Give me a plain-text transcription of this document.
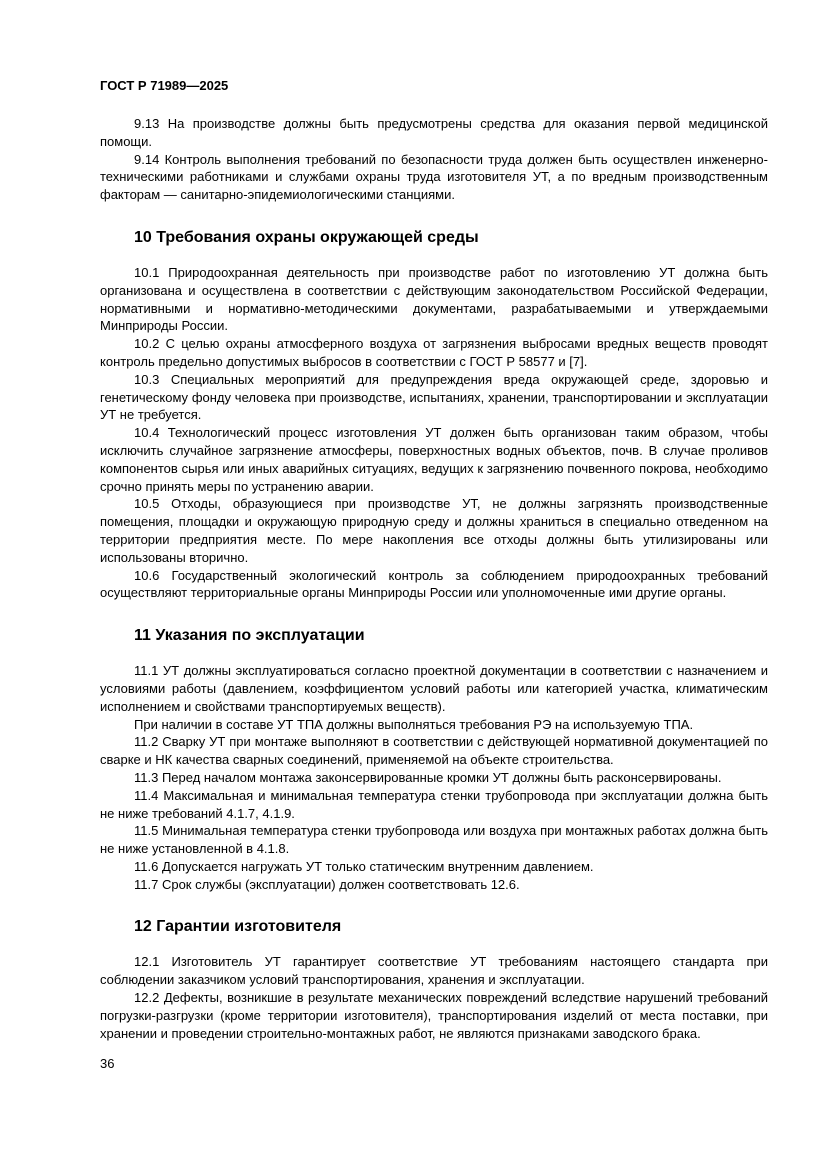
ГОСТ Р 71989—2025

9.13 На производстве должны быть предусмотрены средства для оказания первой медицинской помощи.

9.14 Контроль выполнения требований по безопасности труда должен быть осуществлен инженерно-техническими работниками и службами охраны труда изготовителя УТ, а по вредным производственным факторам — санитарно-эпидемиологическими станциями.

10 Требования охраны окружающей среды

10.1 Природоохранная деятельность при производстве работ по изготовлению УТ должна быть организована и осуществлена в соответствии с действующим законодательством Российской Федерации, нормативными и нормативно-методическими документами, разрабатываемыми и утверждаемыми Минприроды России.

10.2 С целью охраны атмосферного воздуха от загрязнения выбросами вредных веществ проводят контроль предельно допустимых выбросов в соответствии с ГОСТ Р 58577 и [7].

10.3 Специальных мероприятий для предупреждения вреда окружающей среде, здоровью и генетическому фонду человека при производстве, испытаниях, хранении, транспортировании и эксплуатации УТ не требуется.

10.4 Технологический процесс изготовления УТ должен быть организован таким образом, чтобы исключить случайное загрязнение атмосферы, поверхностных водных объектов, почв. В случае проливов компонентов сырья или иных аварийных ситуациях, ведущих к загрязнению почвенного покрова, необходимо срочно принять меры по устранению аварии.

10.5 Отходы, образующиеся при производстве УТ, не должны загрязнять производственные помещения, площадки и окружающую природную среду и должны храниться в специально отведенном на территории предприятия месте. По мере накопления все отходы должны быть утилизированы или использованы вторично.

10.6 Государственный экологический контроль за соблюдением природоохранных требований осуществляют территориальные органы Минприроды России или уполномоченные ими другие органы.

11 Указания по эксплуатации

11.1 УТ должны эксплуатироваться согласно проектной документации в соответствии с назначением и условиями работы (давлением, коэффициентом условий работы или категорией участка, климатическим исполнением и свойствами транспортируемых веществ).

При наличии в составе УТ ТПА должны выполняться требования РЭ на используемую ТПА.

11.2 Сварку УТ при монтаже выполняют в соответствии с действующей нормативной документацией по сварке и НК качества сварных соединений, применяемой на объекте строительства.

11.3 Перед началом монтажа законсервированные кромки УТ должны быть расконсервированы.

11.4 Максимальная и минимальная температура стенки трубопровода при эксплуатации должна быть не ниже требований 4.1.7, 4.1.9.

11.5 Минимальная температура стенки трубопровода или воздуха при монтажных работах должна быть не ниже установленной в 4.1.8.

11.6 Допускается нагружать УТ только статическим внутренним давлением.

11.7 Срок службы (эксплуатации) должен соответствовать 12.6.

12 Гарантии изготовителя

12.1 Изготовитель УТ гарантирует соответствие УТ требованиям настоящего стандарта при соблюдении заказчиком условий транспортирования, хранения и эксплуатации.

12.2 Дефекты, возникшие в результате механических повреждений вследствие нарушений требований погрузки-разгрузки (кроме территории изготовителя), транспортирования изделий от места поставки, при хранении и проведении строительно-монтажных работ, не являются признаками заводского брака.

36
